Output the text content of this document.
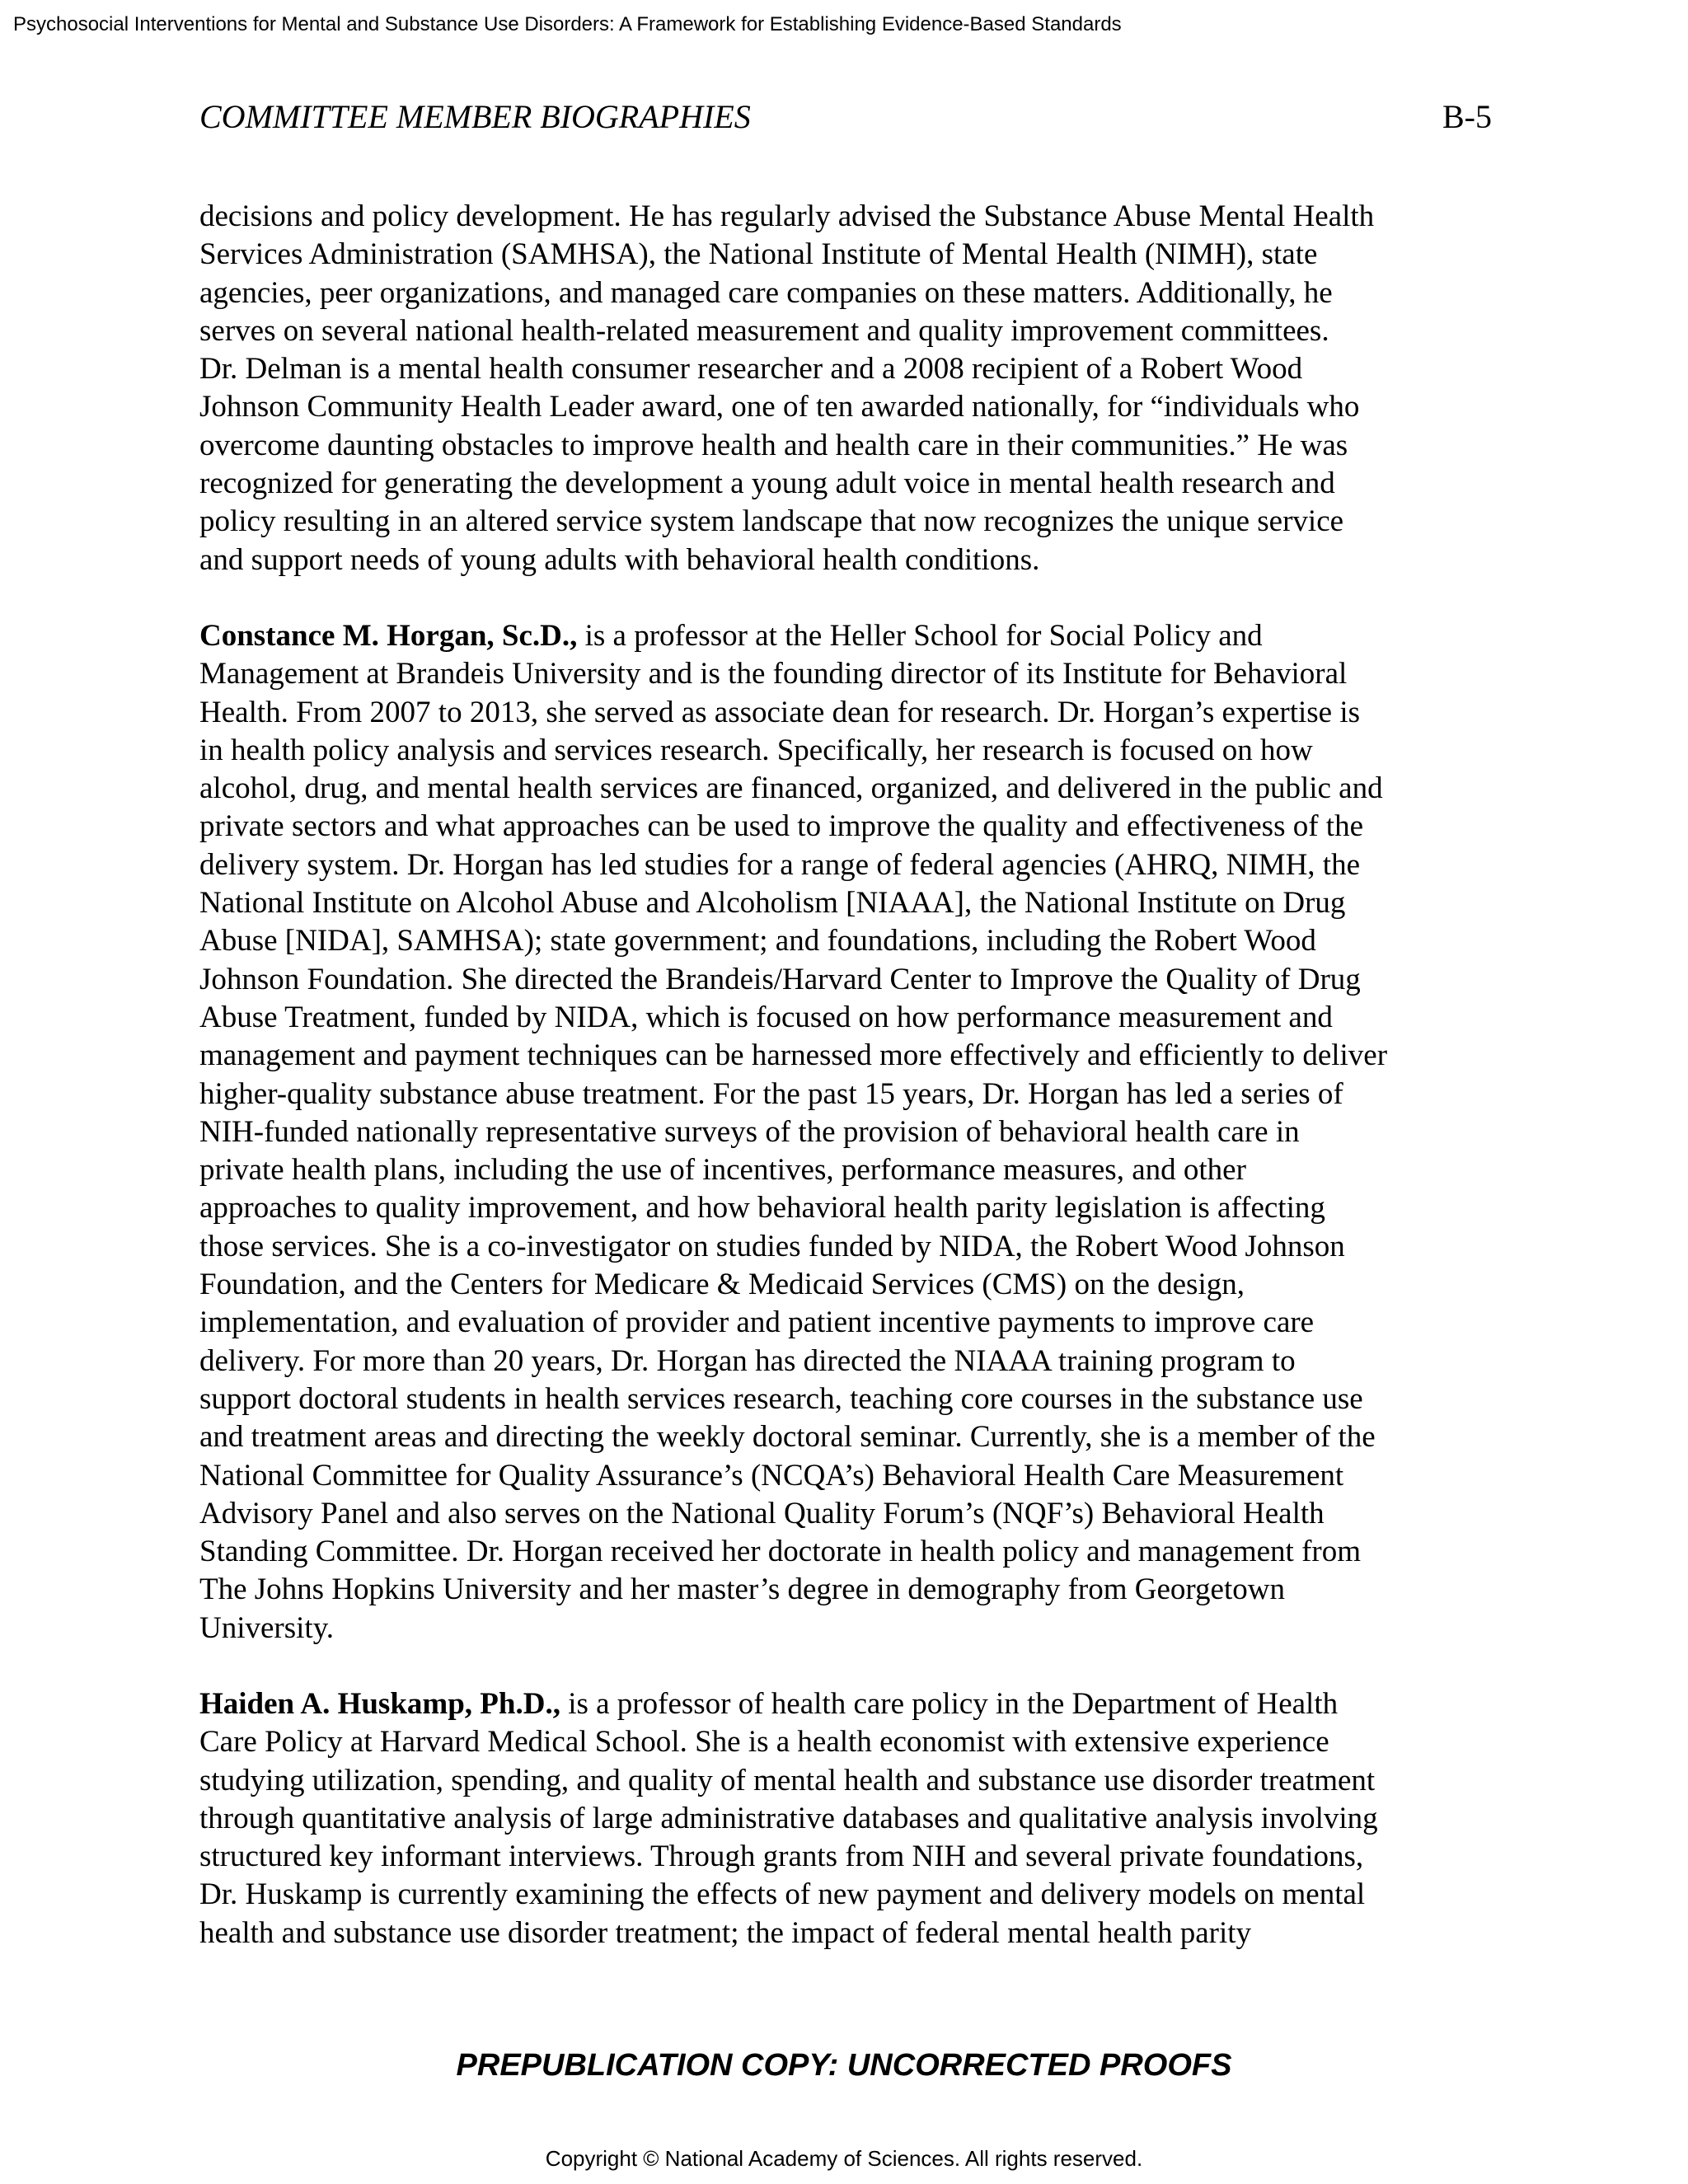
Psychosocial Interventions for Mental and Substance Use Disorders: A Framework for Establishing Evidence-Based Standards
COMMITTEE MEMBER BIOGRAPHIES	B-5

decisions and policy development. He has regularly advised the Substance Abuse Mental Health
Services Administration (SAMHSA), the National Institute of Mental Health (NIMH), state
agencies, peer organizations, and managed care companies on these matters. Additionally, he
serves on several national health-related measurement and quality improvement committees.
Dr. Delman is a mental health consumer researcher and a 2008 recipient of a Robert Wood
Johnson Community Health Leader award, one of ten awarded nationally, for “individuals who
overcome daunting obstacles to improve health and health care in their communities.” He was
recognized for generating the development a young adult voice in mental health research and
policy resulting in an altered service system landscape that now recognizes the unique service
and support needs of young adults with behavioral health conditions.

Constance M. Horgan, Sc.D., is a professor at the Heller School for Social Policy and
Management at Brandeis University and is the founding director of its Institute for Behavioral
Health. From 2007 to 2013, she served as associate dean for research. Dr. Horgan’s expertise is
in health policy analysis and services research. Specifically, her research is focused on how
alcohol, drug, and mental health services are financed, organized, and delivered in the public and
private sectors and what approaches can be used to improve the quality and effectiveness of the
delivery system. Dr. Horgan has led studies for a range of federal agencies (AHRQ, NIMH, the
National Institute on Alcohol Abuse and Alcoholism [NIAAA], the National Institute on Drug
Abuse [NIDA], SAMHSA); state government; and foundations, including the Robert Wood
Johnson Foundation. She directed the Brandeis/Harvard Center to Improve the Quality of Drug
Abuse Treatment, funded by NIDA, which is focused on how performance measurement and
management and payment techniques can be harnessed more effectively and efficiently to deliver
higher-quality substance abuse treatment. For the past 15 years, Dr. Horgan has led a series of
NIH-funded nationally representative surveys of the provision of behavioral health care in
private health plans, including the use of incentives, performance measures, and other
approaches to quality improvement, and how behavioral health parity legislation is affecting
those services. She is a co-investigator on studies funded by NIDA, the Robert Wood Johnson
Foundation, and the Centers for Medicare & Medicaid Services (CMS) on the design,
implementation, and evaluation of provider and patient incentive payments to improve care
delivery. For more than 20 years, Dr. Horgan has directed the NIAAA training program to
support doctoral students in health services research, teaching core courses in the substance use
and treatment areas and directing the weekly doctoral seminar. Currently, she is a member of the
National Committee for Quality Assurance’s (NCQA’s) Behavioral Health Care Measurement
Advisory Panel and also serves on the National Quality Forum’s (NQF’s) Behavioral Health
Standing Committee. Dr. Horgan received her doctorate in health policy and management from
The Johns Hopkins University and her master’s degree in demography from Georgetown
University.

Haiden A. Huskamp, Ph.D., is a professor of health care policy in the Department of Health
Care Policy at Harvard Medical School. She is a health economist with extensive experience
studying utilization, spending, and quality of mental health and substance use disorder treatment
through quantitative analysis of large administrative databases and qualitative analysis involving
structured key informant interviews. Through grants from NIH and several private foundations,
Dr. Huskamp is currently examining the effects of new payment and delivery models on mental
health and substance use disorder treatment; the impact of federal mental health parity

PREPUBLICATION COPY: UNCORRECTED PROOFS
Copyright © National Academy of Sciences. All rights reserved.
